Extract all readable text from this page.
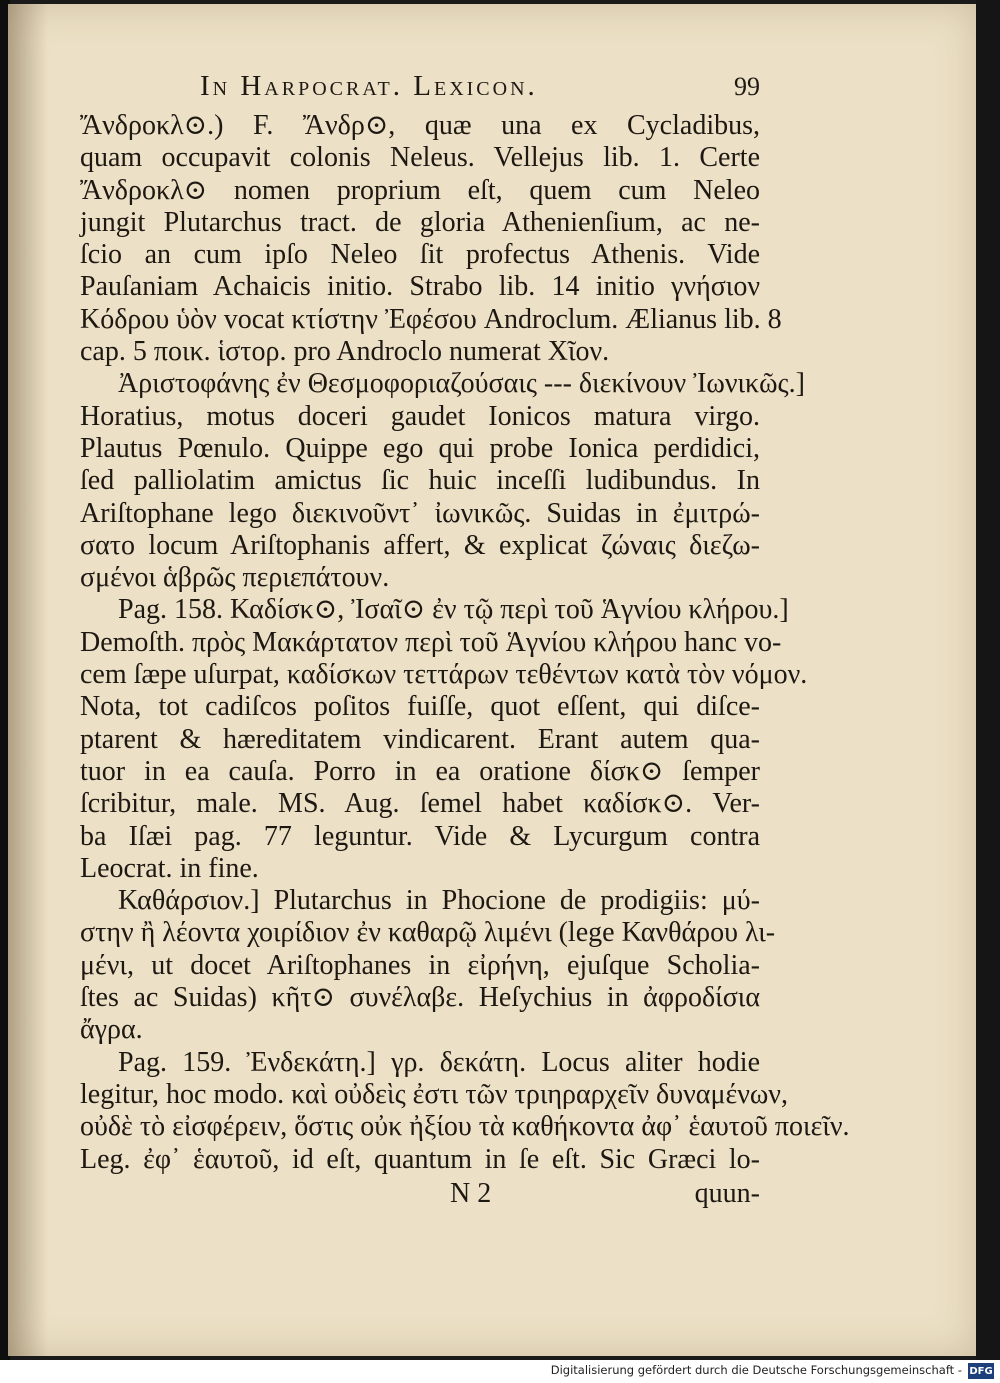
In Harpocrat. Lexicon.	99
Ἄνδροκλ⊙.) F. Ἄνδρ⊙, quæ una ex Cycladibus,
quam occupavit colonis Neleus. Vellejus lib. 1. Certe
Ἄνδροκλ⊙ nomen proprium eſt, quem cum Neleo
jungit Plutarchus tract. de gloria Athenienſium, ac ne-
ſcio an cum ipſo Neleo ſit profectus Athenis. Vide
Pauſaniam Achaicis initio. Strabo lib. 14 initio γνήσιον
Κόδρου ὑὸν vocat κτίστην Ἐφέσου Androclum. Ælianus lib. 8
cap. 5 ποικ. ἱστορ. pro Androclo numerat Χῖον.
Ἀριστοφάνης ἐν Θεσμοφοριαζούσαις --- διεκίνουν Ἰωνικῶς.]
Horatius, motus doceri gaudet Ionicos matura virgo.
Plautus Pœnulo. Quippe ego qui probe Ionica perdidici,
ſed palliolatim amictus ſic huic inceſſi ludibundus. In
Ariſtophane lego διεκινοῦντ᾽ ἰωνικῶς. Suidas in ἐμιτρώ-
σατο locum Ariſtophanis affert, & explicat ζώναις διεζω-
σμένοι ἁβρῶς περιεπάτουν.
Pag. 158. Καδίσκ⊙, Ἰσαῖ⊙ ἐν τῷ περὶ τοῦ Ἁγνίου κλήρου.]
Demoſth. πρὸς Μακάρτατον περὶ τοῦ Ἁγνίου κλήρου hanc vo-
cem ſæpe uſurpat, καδίσκων τεττάρων τεθέντων κατὰ τὸν νόμον.
Nota, tot cadiſcos poſitos fuiſſe, quot eſſent, qui diſce-
ptarent & hæreditatem vindicarent. Erant autem qua-
tuor in ea cauſa. Porro in ea oratione δίσκ⊙ ſemper
ſcribitur, male. MS. Aug. ſemel habet καδίσκ⊙. Ver-
ba Iſæi pag. 77 leguntur. Vide & Lycurgum contra
Leocrat. in fine.
Καθάρσιον.] Plutarchus in Phocione de prodigiis: μύ-
στην ἢ λέοντα χοιρίδιον ἐν καθαρῷ λιμένι (lege Κανθάρου λι-
μένι, ut docet Ariſtophanes in εἰρήνη, ejuſque Scholia-
ſtes ac Suidas) κῆτ⊙ συνέλαβε. Heſychius in ἀφροδίσια
ἄγρα.
Pag. 159. Ἐνδεκάτη.] γρ. δεκάτη. Locus aliter hodie
legitur, hoc modo. καὶ οὐδεὶς ἐστι τῶν τριηραρχεῖν δυναμένων,
οὐδὲ τὸ εἰσφέρειν, ὅστις οὐκ ἠξίου τὰ καθήκοντα ἀφ᾽ ἑαυτοῦ ποιεῖν.
Leg. ἐφ᾽ ἑαυτοῦ, id eſt, quantum in ſe eſt. Sic Græci lo-
N 2	quun-
Digitalisierung gefördert durch die Deutsche Forschungsgemeinschaft - DFG
